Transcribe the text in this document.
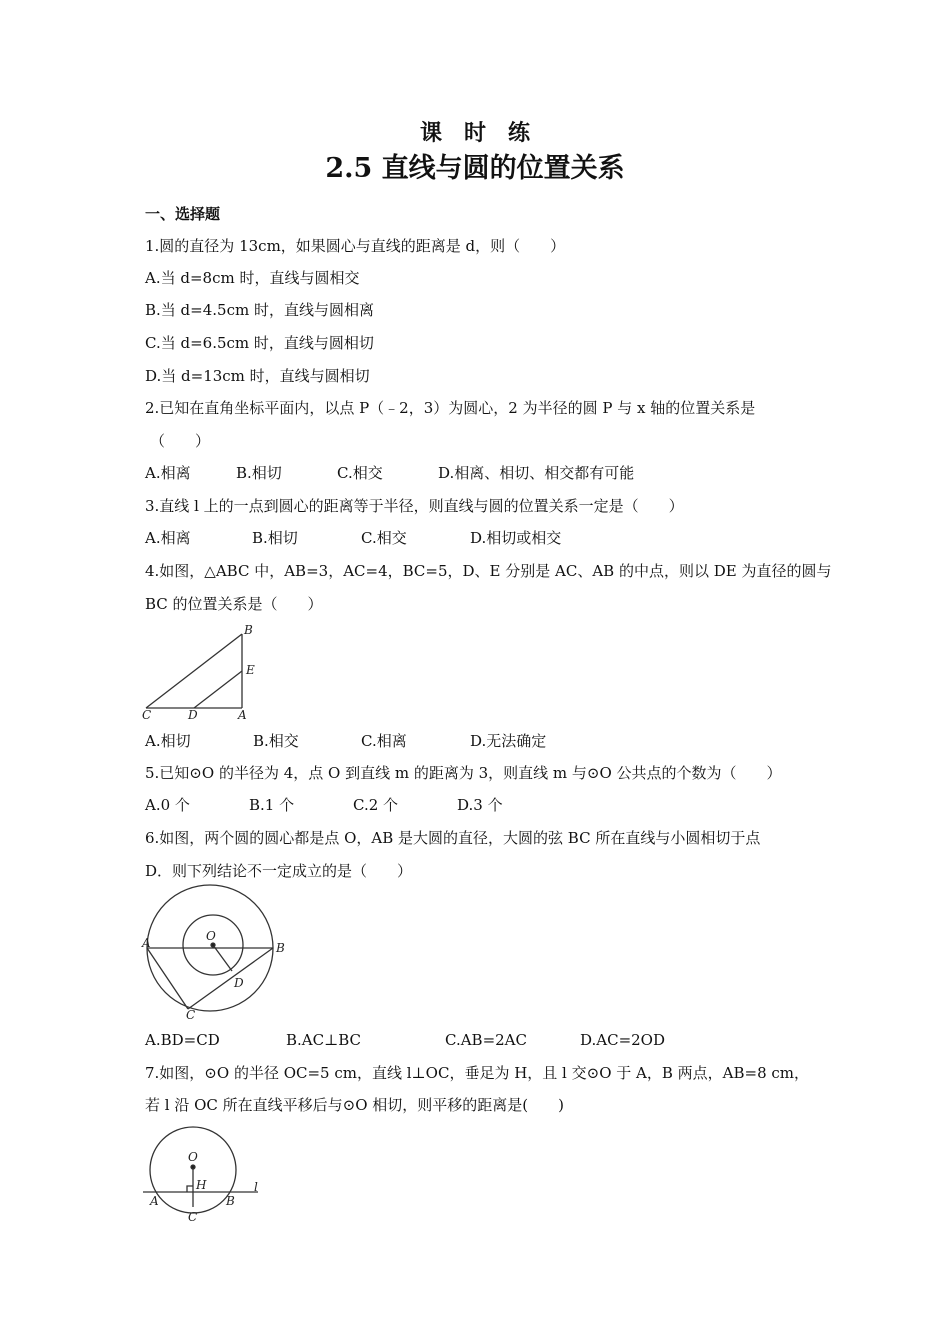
课　时　练
2.5 直线与圆的位置关系
一、选择题
1.圆的直径为 13cm，如果圆心与直线的距离是 d，则（　　）
A.当 d=8cm 时，直线与圆相交
B.当 d=4.5cm 时，直线与圆相离
C.当 d=6.5cm 时，直线与圆相切
D.当 d=13cm 时，直线与圆相切
2.已知在直角坐标平面内，以点 P（﹣2，3）为圆心，2 为半径的圆 P 与 x 轴的位置关系是
（　　）
A.相离	B.相切	C.相交	D.相离、相切、相交都有可能
3.直线 l 上的一点到圆心的距离等于半径，则直线与圆的位置关系一定是（　　）
A.相离	B.相切	C.相交	D.相切或相交
4.如图，△ABC 中，AB=3，AC=4，BC=5，D、E 分别是 AC、AB 的中点，则以 DE 为直径的圆与
BC 的位置关系是（　　）
B
E
C	D	A
A.相切	B.相交	C.相离	D.无法确定
5.已知⊙O 的半径为 4，点 O 到直线 m 的距离为 3，则直线 m 与⊙O 公共点的个数为（　　）
A.0 个	B.1 个	C.2 个	D.3 个
6.如图，两个圆的圆心都是点 O，AB 是大圆的直径，大圆的弦 BC 所在直线与小圆相切于点
D．则下列结论不一定成立的是（　　）
A	O
B
D
C
A.BD=CD	B.AC⊥BC	C.AB=2AC	D.AC=2OD
7.如图，⊙O 的半径 OC=5 cm，直线 l⊥OC，垂足为 H，且 l 交⊙O 于 A，B 两点，AB=8 cm，
若 l 沿 OC 所在直线平移后与⊙O 相切，则平移的距离是(　　)
O
H	l
A	B
C
